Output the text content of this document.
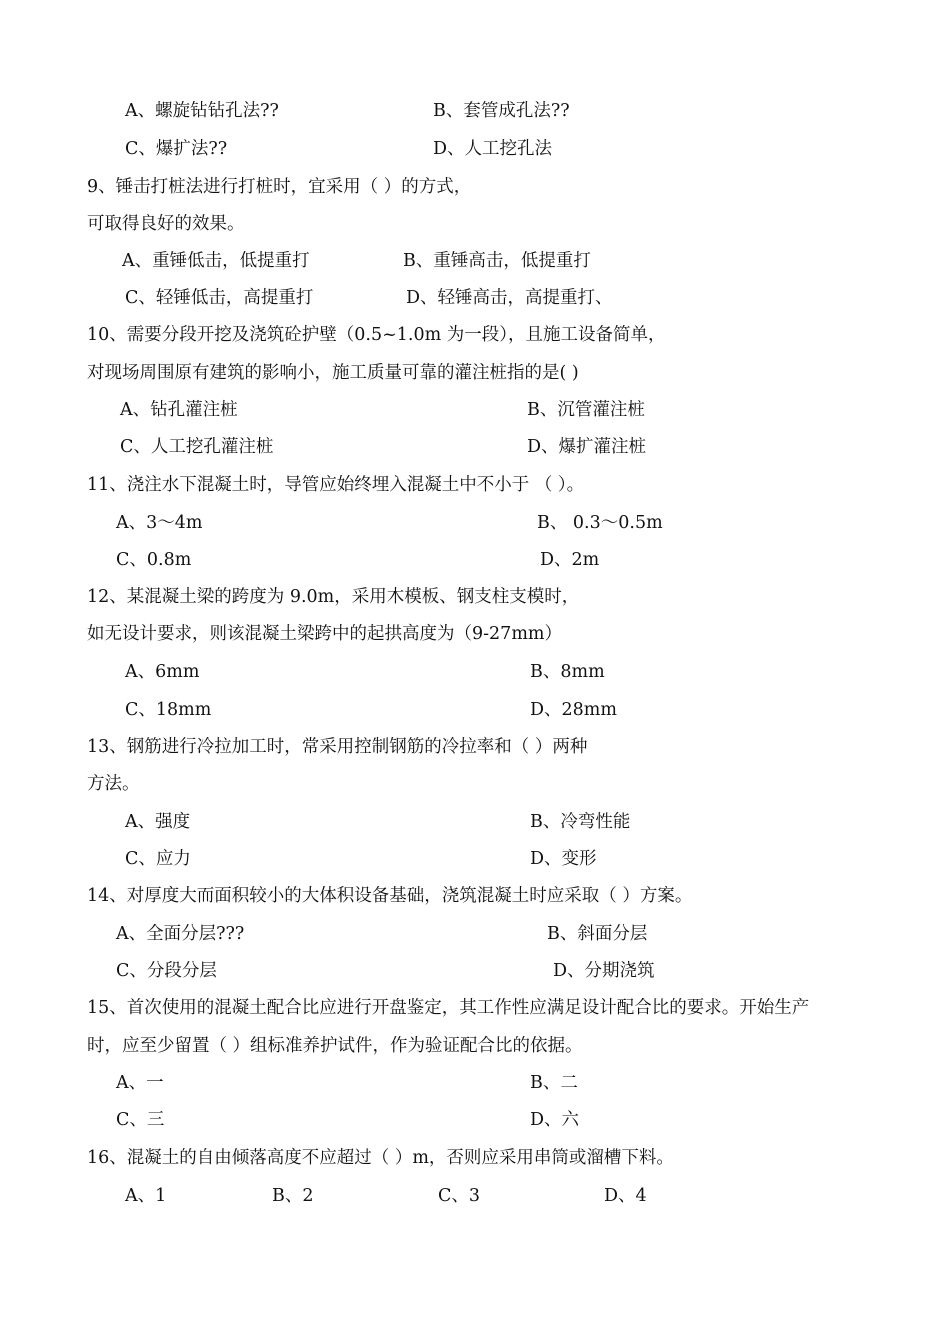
A、螺旋钻钻孔法??	B、套管成孔法??
C、爆扩法??	D、人工挖孔法
9、锤击打桩法进行打桩时，宜采用（ ）的方式，
可取得良好的效果。
A、重锤低击，低提重打	B、重锤高击，低提重打
C、轻锤低击，高提重打	D、轻锤高击，高提重打、
10、需要分段开挖及浇筑砼护壁（0.5~1.0m 为一段），且施工设备简单，
对现场周围原有建筑的影响小，施工质量可靠的灌注桩指的是( )
A、钻孔灌注桩	B、沉管灌注桩
C、人工挖孔灌注桩	D、爆扩灌注桩
11、浇注水下混凝土时，导管应始终埋入混凝土中不小于 （ ）。
A、3～4m	B、 0.3～0.5m
C、0.8m	D、2m
12、某混凝土梁的跨度为 9.0m，采用木模板、钢支柱支模时，
如无设计要求，则该混凝土梁跨中的起拱高度为（9-27mm）
A、6mm	B、8mm
C、18mm	D、28mm
13、钢筋进行冷拉加工时，常采用控制钢筋的冷拉率和（ ）两种
方法。
A、强度	B、冷弯性能
C、应力	D、变形
14、对厚度大而面积较小的大体积设备基础，浇筑混凝土时应采取（ ）方案。
A、全面分层???	B、斜面分层
C、分段分层	D、分期浇筑
15、首次使用的混凝土配合比应进行开盘鉴定，其工作性应满足设计配合比的要求。开始生产
时，应至少留置（ ）组标准养护试件，作为验证配合比的依据。
A、一	B、二
C、三	D、六
16、混凝土的自由倾落高度不应超过（ ）m，否则应采用串筒或溜槽下料。
A、1	B、2	C、3	D、4
